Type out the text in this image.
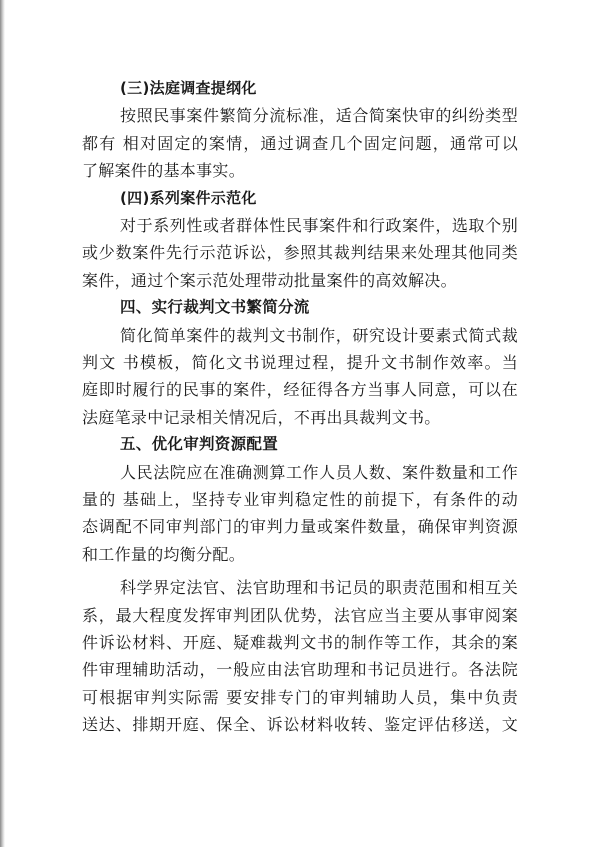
(三)法庭调查提纲化

按照民事案件繁简分流标准，适合简案快审的纠纷类型

都有 相对固定的案情，通过调查几个固定问题，通常可以

了解案件的基本事实。

(四)系列案件示范化

对于系列性或者群体性民事案件和行政案件，选取个别

或少数案件先行示范诉讼，参照其裁判结果来处理其他同类

案件，通过个案示范处理带动批量案件的高效解决。

四、实行裁判文书繁简分流

简化简单案件的裁判文书制作，研究设计要素式简式裁

判文 书模板，简化文书说理过程，提升文书制作效率。当

庭即时履行的民事的案件，经征得各方当事人同意，可以在

法庭笔录中记录相关情况后，不再出具裁判文书。

五、优化审判资源配置

人民法院应在准确测算工作人员人数、案件数量和工作

量的 基础上，坚持专业审判稳定性的前提下，有条件的动

态调配不同审判部门的审判力量或案件数量，确保审判资源

和工作量的均衡分配。

科学界定法官、法官助理和书记员的职责范围和相互关

系，最大程度发挥审判团队优势，法官应当主要从事审阅案

件诉讼材料、开庭、疑难裁判文书的制作等工作，其余的案

件审理辅助活动，一般应由法官助理和书记员进行。各法院

可根据审判实际需 要安排专门的审判辅助人员，集中负责

送达、排期开庭、保全、诉讼材料收转、鉴定评估移送，文
